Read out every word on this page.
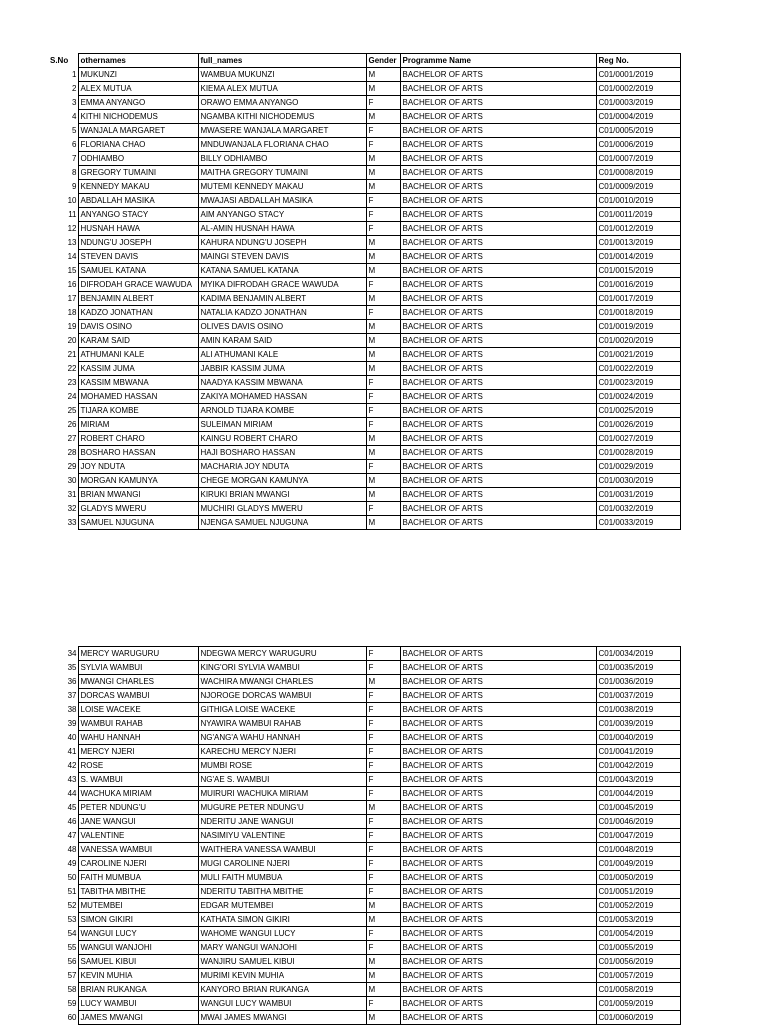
S.No	othernames	full_names	Gender	Programme Name	Reg No.
1	MUKUNZI	WAMBUA MUKUNZI	M	BACHELOR OF ARTS	C01/0001/2019
2	ALEX MUTUA	KIEMA ALEX MUTUA	M	BACHELOR OF ARTS	C01/0002/2019
3	EMMA ANYANGO	ORAWO EMMA ANYANGO	F	BACHELOR OF ARTS	C01/0003/2019
4	KITHI NICHODEMUS	NGAMBA KITHI NICHODEMUS	M	BACHELOR OF ARTS	C01/0004/2019
5	WANJALA MARGARET	MWASERE WANJALA MARGARET	F	BACHELOR OF ARTS	C01/0005/2019
6	FLORIANA CHAO	MNDUWANJALA FLORIANA CHAO	F	BACHELOR OF ARTS	C01/0006/2019
7	ODHIAMBO	BILLY ODHIAMBO	M	BACHELOR OF ARTS	C01/0007/2019
8	GREGORY TUMAINI	MAITHA GREGORY TUMAINI	M	BACHELOR OF ARTS	C01/0008/2019
9	KENNEDY MAKAU	MUTEMI KENNEDY MAKAU	M	BACHELOR OF ARTS	C01/0009/2019
10	ABDALLAH MASIKA	MWAJASI ABDALLAH MASIKA	F	BACHELOR OF ARTS	C01/0010/2019
11	ANYANGO STACY	AIM ANYANGO STACY	F	BACHELOR OF ARTS	C01/0011/2019
12	HUSNAH HAWA	AL-AMIN HUSNAH HAWA	F	BACHELOR OF ARTS	C01/0012/2019
13	NDUNG'U JOSEPH	KAHURA NDUNG'U JOSEPH	M	BACHELOR OF ARTS	C01/0013/2019
14	STEVEN DAVIS	MAINGI STEVEN DAVIS	M	BACHELOR OF ARTS	C01/0014/2019
15	SAMUEL KATANA	KATANA SAMUEL KATANA	M	BACHELOR OF ARTS	C01/0015/2019
16	DIFRODAH GRACE WAWUDA	MYIKA DIFRODAH GRACE WAWUDA	F	BACHELOR OF ARTS	C01/0016/2019
17	BENJAMIN ALBERT	KADIMA BENJAMIN ALBERT	M	BACHELOR OF ARTS	C01/0017/2019
18	KADZO JONATHAN	NATALIA KADZO JONATHAN	F	BACHELOR OF ARTS	C01/0018/2019
19	DAVIS OSINO	OLIVES DAVIS OSINO	M	BACHELOR OF ARTS	C01/0019/2019
20	KARAM SAID	AMIN KARAM SAID	M	BACHELOR OF ARTS	C01/0020/2019
21	ATHUMANI KALE	ALI ATHUMANI KALE	M	BACHELOR OF ARTS	C01/0021/2019
22	KASSIM JUMA	JABBIR KASSIM JUMA	M	BACHELOR OF ARTS	C01/0022/2019
23	KASSIM MBWANA	NAADYA KASSIM MBWANA	F	BACHELOR OF ARTS	C01/0023/2019
24	MOHAMED HASSAN	ZAKIYA MOHAMED HASSAN	F	BACHELOR OF ARTS	C01/0024/2019
25	TIJARA KOMBE	ARNOLD TIJARA KOMBE	F	BACHELOR OF ARTS	C01/0025/2019
26	MIRIAM	SULEIMAN MIRIAM	F	BACHELOR OF ARTS	C01/0026/2019
27	ROBERT CHARO	KAINGU ROBERT CHARO	M	BACHELOR OF ARTS	C01/0027/2019
28	BOSHARO HASSAN	HAJI BOSHARO HASSAN	M	BACHELOR OF ARTS	C01/0028/2019
29	JOY NDUTA	MACHARIA JOY NDUTA	F	BACHELOR OF ARTS	C01/0029/2019
30	MORGAN KAMUNYA	CHEGE MORGAN KAMUNYA	M	BACHELOR OF ARTS	C01/0030/2019
31	BRIAN MWANGI	KIRUKI BRIAN MWANGI	M	BACHELOR OF ARTS	C01/0031/2019
32	GLADYS MWERU	MUCHIRI GLADYS MWERU	F	BACHELOR OF ARTS	C01/0032/2019
33	SAMUEL NJUGUNA	NJENGA SAMUEL NJUGUNA	M	BACHELOR OF ARTS	C01/0033/2019
34	MERCY WARUGURU	NDEGWA MERCY WARUGURU	F	BACHELOR OF ARTS	C01/0034/2019
35	SYLVIA WAMBUI	KING'ORI SYLVIA WAMBUI	F	BACHELOR OF ARTS	C01/0035/2019
36	MWANGI CHARLES	WACHIRA MWANGI CHARLES	M	BACHELOR OF ARTS	C01/0036/2019
37	DORCAS WAMBUI	NJOROGE DORCAS WAMBUI	F	BACHELOR OF ARTS	C01/0037/2019
38	LOISE WACEKE	GITHIGA LOISE WACEKE	F	BACHELOR OF ARTS	C01/0038/2019
39	WAMBUI RAHAB	NYAWIRA WAMBUI RAHAB	F	BACHELOR OF ARTS	C01/0039/2019
40	WAHU HANNAH	NG'ANG'A WAHU HANNAH	F	BACHELOR OF ARTS	C01/0040/2019
41	MERCY NJERI	KARECHU MERCY NJERI	F	BACHELOR OF ARTS	C01/0041/2019
42	ROSE	MUMBI ROSE	F	BACHELOR OF ARTS	C01/0042/2019
43	S. WAMBUI	NG'AE S. WAMBUI	F	BACHELOR OF ARTS	C01/0043/2019
44	WACHUKA MIRIAM	MUIRURI WACHUKA MIRIAM	F	BACHELOR OF ARTS	C01/0044/2019
45	PETER NDUNG'U	MUGURE PETER NDUNG'U	M	BACHELOR OF ARTS	C01/0045/2019
46	JANE WANGUI	NDERITU JANE WANGUI	F	BACHELOR OF ARTS	C01/0046/2019
47	VALENTINE	NASIMIYU VALENTINE	F	BACHELOR OF ARTS	C01/0047/2019
48	VANESSA WAMBUI	WAITHERA VANESSA WAMBUI	F	BACHELOR OF ARTS	C01/0048/2019
49	CAROLINE NJERI	MUGI CAROLINE NJERI	F	BACHELOR OF ARTS	C01/0049/2019
50	FAITH MUMBUA	MULI FAITH MUMBUA	F	BACHELOR OF ARTS	C01/0050/2019
51	TABITHA MBITHE	NDERITU TABITHA MBITHE	F	BACHELOR OF ARTS	C01/0051/2019
52	MUTEMBEI	EDGAR MUTEMBEI	M	BACHELOR OF ARTS	C01/0052/2019
53	SIMON GIKIRI	KATHATA SIMON GIKIRI	M	BACHELOR OF ARTS	C01/0053/2019
54	WANGUI LUCY	WAHOME WANGUI LUCY	F	BACHELOR OF ARTS	C01/0054/2019
55	WANGUI WANJOHI	MARY WANGUI WANJOHI	F	BACHELOR OF ARTS	C01/0055/2019
56	SAMUEL KIBUI	WANJIRU SAMUEL KIBUI	M	BACHELOR OF ARTS	C01/0056/2019
57	KEVIN MUHIA	MURIMI KEVIN MUHIA	M	BACHELOR OF ARTS	C01/0057/2019
58	BRIAN RUKANGA	KANYORO BRIAN RUKANGA	M	BACHELOR OF ARTS	C01/0058/2019
59	LUCY WAMBUI	WANGUI LUCY WAMBUI	F	BACHELOR OF ARTS	C01/0059/2019
60	JAMES MWANGI	MWAI JAMES MWANGI	M	BACHELOR OF ARTS	C01/0060/2019
